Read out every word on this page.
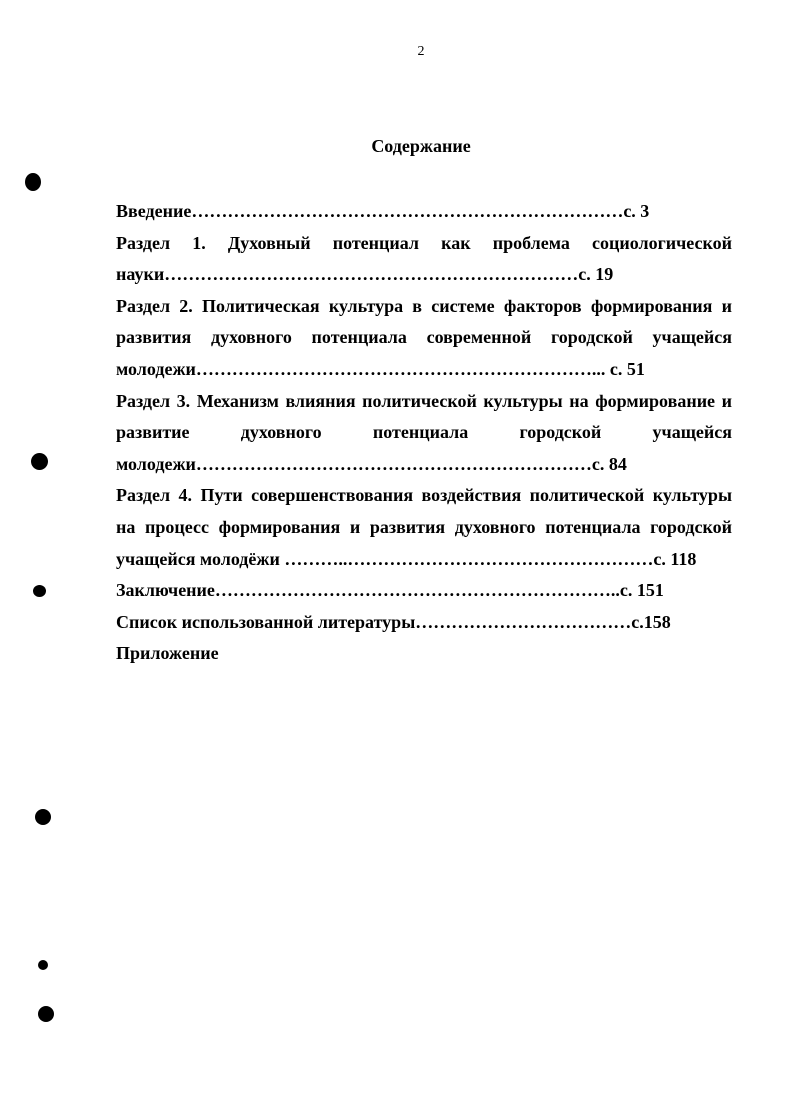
2
Содержание
Введение………………………………………………………………с. 3
Раздел 1. Духовный потенциал как проблема социологической науки……………………………………………………………с. 19
Раздел 2. Политическая культура в системе факторов формирования и развития духовного потенциала современной городской учащейся молодежи…………………………………………………………... с. 51
Раздел 3. Механизм влияния политической культуры на формирование и развитие духовного потенциала городской учащейся молодежи…………………………………………………………с. 84
Раздел 4. Пути совершенствования воздействия политической культуры на процесс формирования и развития духовного потенциала городской учащейся молодёжи ………..……………………………………………с. 118
Заключение…………………………………………………………..с. 151
Список использованной литературы………………………………с.158
Приложение
